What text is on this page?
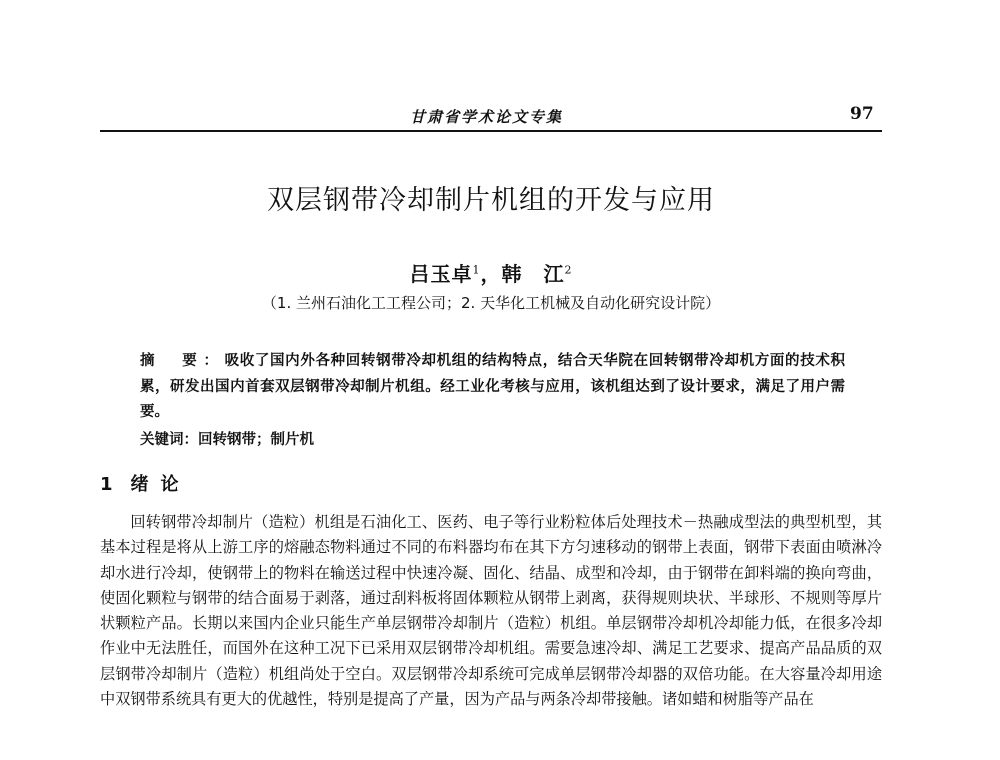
甘肃省学术论文专集	97
双层钢带冷却制片机组的开发与应用
吕玉卓$^1$，韩　江$^2$
（1. 兰州石油化工工程公司；2. 天华化工机械及自动化研究设计院）
摘　要：吸收了国内外各种回转钢带冷却机组的结构特点，结合天华院在回转钢带冷却机方面的技术积累，研发出国内首套双层钢带冷却制片机组。经工业化考核与应用，该机组达到了设计要求，满足了用户需要。
关键词：回转钢带；制片机
1 绪论
回转钢带冷却制片（造粒）机组是石油化工、医药、电子等行业粉粒体后处理技术－热融成型法的典型机型，其基本过程是将从上游工序的熔融态物料通过不同的布料器均布在其下方匀速移动的钢带上表面，钢带下表面由喷淋冷却水进行冷却，使钢带上的物料在输送过程中快速冷凝、固化、结晶、成型和冷却，由于钢带在卸料端的换向弯曲，使固化颗粒与钢带的结合面易于剥落，通过刮料板将固体颗粒从钢带上剥离，获得规则块状、半球形、不规则等厚片状颗粒产品。长期以来国内企业只能生产单层钢带冷却制片（造粒）机组。单层钢带冷却机冷却能力低，在很多冷却作业中无法胜任，而国外在这种工况下已采用双层钢带冷却机组。需要急速冷却、满足工艺要求、提高产品品质的双层钢带冷却制片（造粒）机组尚处于空白。双层钢带冷却系统可完成单层钢带冷却器的双倍功能。在大容量冷却用途中双钢带系统具有更大的优越性，特别是提高了产量，因为产品与两条冷却带接触。诸如蜡和树脂等产品在
